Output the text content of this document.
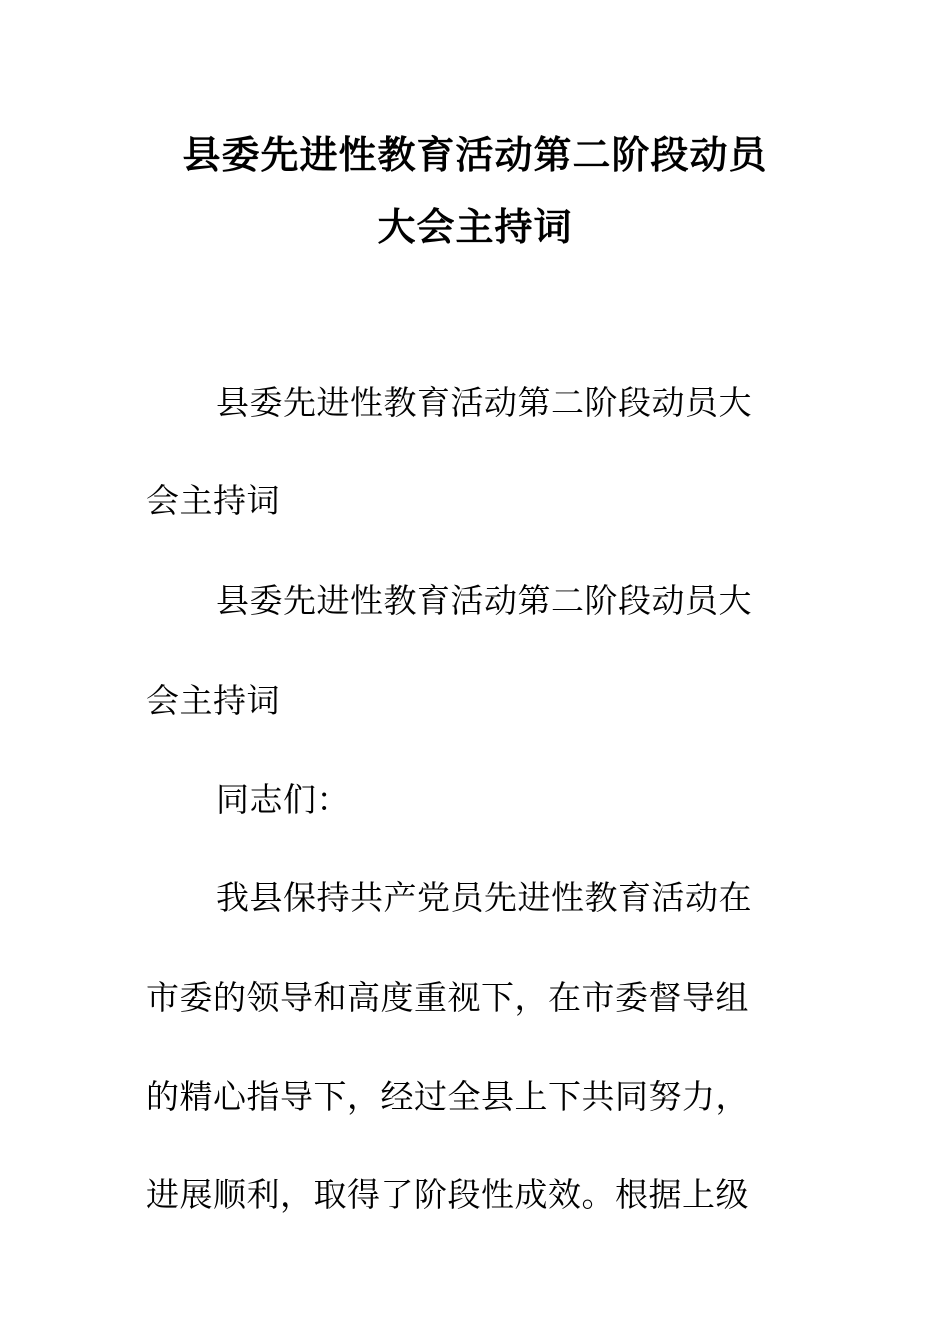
县委先进性教育活动第二阶段动员
大会主持词
县委先进性教育活动第二阶段动员大
会主持词
县委先进性教育活动第二阶段动员大
会主持词
同志们：
我县保持共产党员先进性教育活动在
市委的领导和高度重视下，在市委督导组
的精心指导下，经过全县上下共同努力，
进展顺利，取得了阶段性成效。根据上级
